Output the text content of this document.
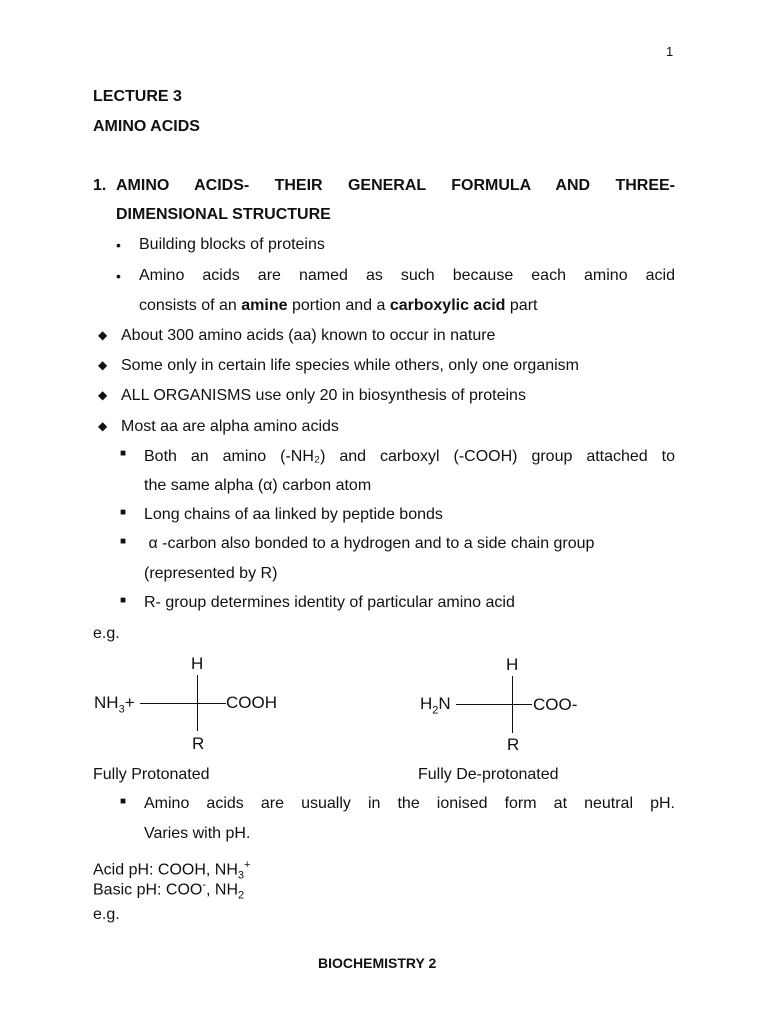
1
LECTURE 3
AMINO ACIDS
1. AMINO ACIDS- THEIR GENERAL FORMULA AND THREE-
DIMENSIONAL STRUCTURE
• Building blocks of proteins
• Amino acids are named as such because each amino acid
consists of an amine portion and a carboxylic acid part
◆ About 300 amino acids (aa) known to occur in nature
◆ Some only in certain life species while others, only one organism
◆ ALL ORGANISMS use only 20 in biosynthesis of proteins
◆ Most aa are alpha amino acids
■ Both an amino (-NH₂) and carboxyl (-COOH) group attached to
the same alpha (α) carbon atom
■ Long chains of aa linked by peptide bonds
■ α -carbon also bonded to a hydrogen and to a side chain group
(represented by R)
■ R- group determines identity of particular amino acid
e.g.
H
$NH_3+$	COOH
R
Fully Protonated
H
$H_2N$	COO-
R
Fully De-protonated
■ Amino acids are usually in the ionised form at neutral pH.
Varies with pH.
Acid pH: COOH, $NH_3^+$
Basic pH: COO-, $NH_2$
e.g.
BIOCHEMISTRY 2
